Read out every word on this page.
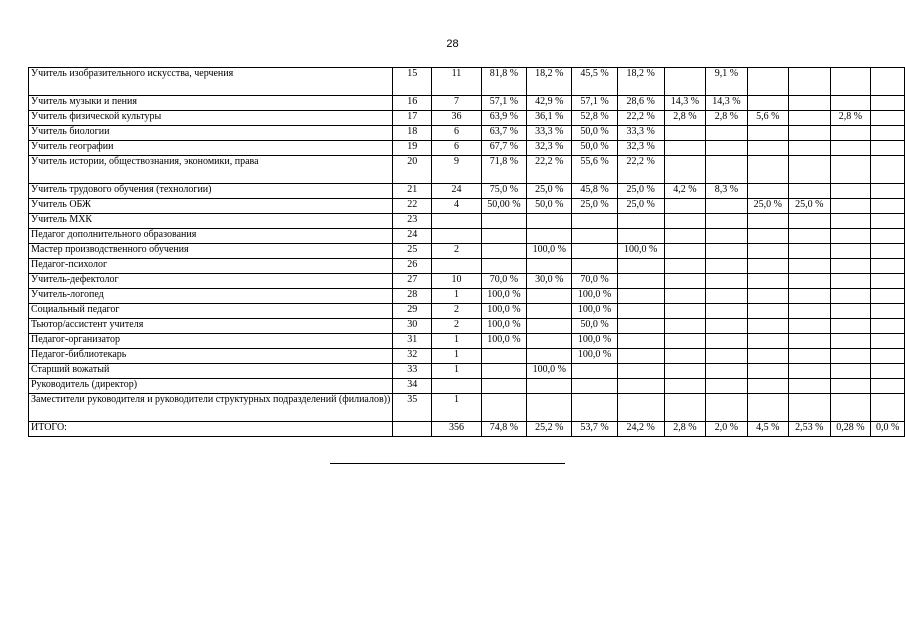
28
Учитель изобразительного искусства, черчения	15	11	81,8 %	18,2 %	45,5 %	18,2 %		9,1 %				
Учитель музыки и пения	16	7	57,1 %	42,9 %	57,1 %	28,6 %	14,3 %	14,3 %				
Учитель физической культуры	17	36	63,9 %	36,1 %	52,8 %	22,2 %	2,8 %	2,8 %	5,6 %		2,8 %	
Учитель биологии	18	6	63,7 %	33,3 %	50,0 %	33,3 %						
Учитель географии	19	6	67,7 %	32,3 %	50,0 %	32,3 %						
Учитель истории, обществознания, экономики, права	20	9	71,8 %	22,2 %	55,6 %	22,2 %						
Учитель трудового обучения (технологии)	21	24	75,0 %	25,0 %	45,8 %	25,0 %	4,2 %	8,3 %				
Учитель ОБЖ	22	4	50,00 %	50,0 %	25,0 %	25,0 %			25,0 %	25,0 %		
Учитель МХК	23											
Педагог дополнительного образования	24											
Мастер производственного обучения	25	2		100,0 %		100,0 %						
Педагог-психолог	26											
Учитель-дефектолог	27	10	70,0 %	30,0 %	70,0 %							
Учитель-логопед	28	1	100,0 %		100,0 %							
Социальный педагог	29	2	100,0 %		100,0 %							
Тьютор/ассистент учителя	30	2	100,0 %		50,0 %							
Педагог-организатор	31	1	100,0 %		100,0 %							
Педагог-библиотекарь	32	1			100,0 %							
Старший вожатый	33	1		100,0 %								
Руководитель (директор)	34											
Заместители руководителя и руководители структурных подразделений (филиалов))	35	1										
ИТОГО:		356	74,8 %	25,2 %	53,7 %	24,2 %	2,8 %	2,0 %	4,5 %	2,53 %	0,28 %	0,0 %
